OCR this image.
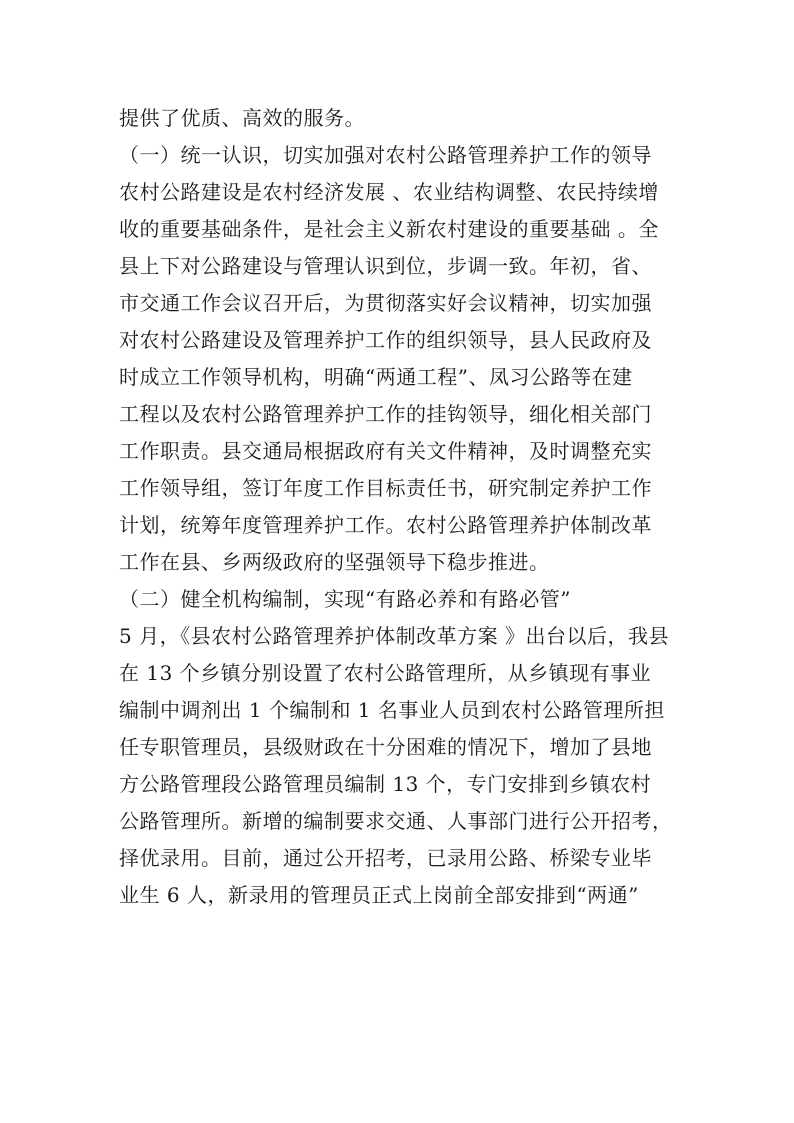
提供了优质、高效的服务。
（一）统一认识，切实加强对农村公路管理养护工作的领导
农村公路建设是农村经济发展 、农业结构调整、农民持续增
收的重要基础条件，是社会主义新农村建设的重要基础 。全
县上下对公路建设与管理认识到位，步调一致。年初，省、
市交通工作会议召开后，为贯彻落实好会议精神，切实加强
对农村公路建设及管理养护工作的组织领导，县人民政府及
时成立工作领导机构，明确“两通工程”、凤习公路等在建
工程以及农村公路管理养护工作的挂钩领导，细化相关部门
工作职责。县交通局根据政府有关文件精神，及时调整充实
工作领导组，签订年度工作目标责任书，研究制定养护工作
计划，统筹年度管理养护工作。农村公路管理养护体制改革
工作在县、乡两级政府的坚强领导下稳步推进。
（二）健全机构编制，实现“有路必养和有路必管”
5 月，《县农村公路管理养护体制改革方案 》出台以后，我县
在 13 个乡镇分别设置了农村公路管理所，从乡镇现有事业
编制中调剂出 1 个编制和 1 名事业人员到农村公路管理所担
任专职管理员，县级财政在十分困难的情况下，增加了县地
方公路管理段公路管理员编制 13 个，专门安排到乡镇农村
公路管理所。新增的编制要求交通、人事部门进行公开招考，
择优录用。目前，通过公开招考，已录用公路、桥梁专业毕
业生 6 人，新录用的管理员正式上岗前全部安排到“两通”
